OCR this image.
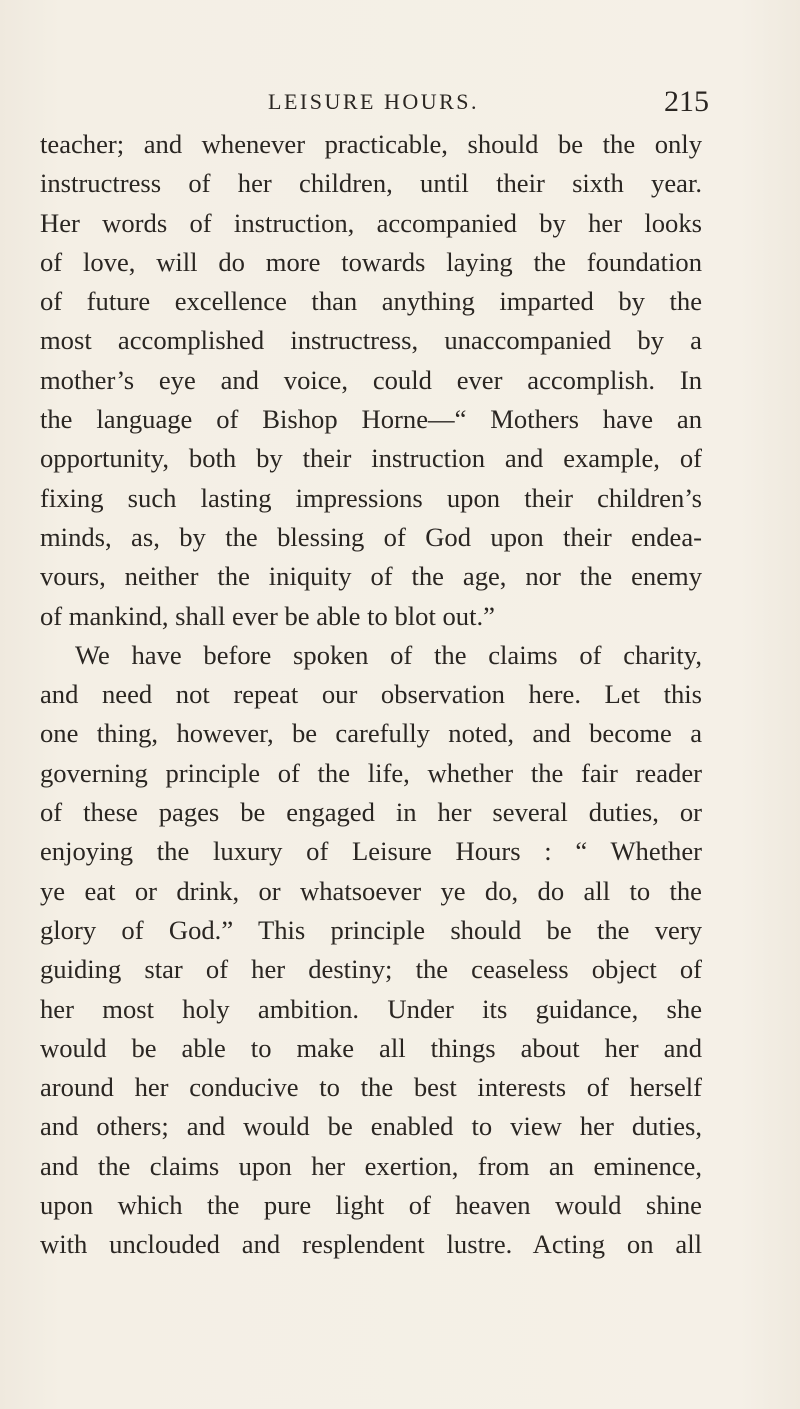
LEISURE HOURS.	215
teacher; and whenever practicable, should be the only
instructress of her children, until their sixth year.
Her words of instruction, accompanied by her looks
of love, will do more towards laying the foundation
of future excellence than anything imparted by the
most accomplished instructress, unaccompanied by a
mother’s eye and voice, could ever accomplish. In
the language of Bishop Horne—“ Mothers have an
opportunity, both by their instruction and example, of
fixing such lasting impressions upon their children’s
minds, as, by the blessing of God upon their endea-
vours, neither the iniquity of the age, nor the enemy
of mankind, shall ever be able to blot out.”
We have before spoken of the claims of charity,
and need not repeat our observation here. Let this
one thing, however, be carefully noted, and become a
governing principle of the life, whether the fair reader
of these pages be engaged in her several duties, or
enjoying the luxury of Leisure Hours : “ Whether
ye eat or drink, or whatsoever ye do, do all to the
glory of God.” This principle should be the very
guiding star of her destiny; the ceaseless object of
her most holy ambition. Under its guidance, she
would be able to make all things about her and
around her conducive to the best interests of herself
and others; and would be enabled to view her duties,
and the claims upon her exertion, from an eminence,
upon which the pure light of heaven would shine
with unclouded and resplendent lustre. Acting on all
